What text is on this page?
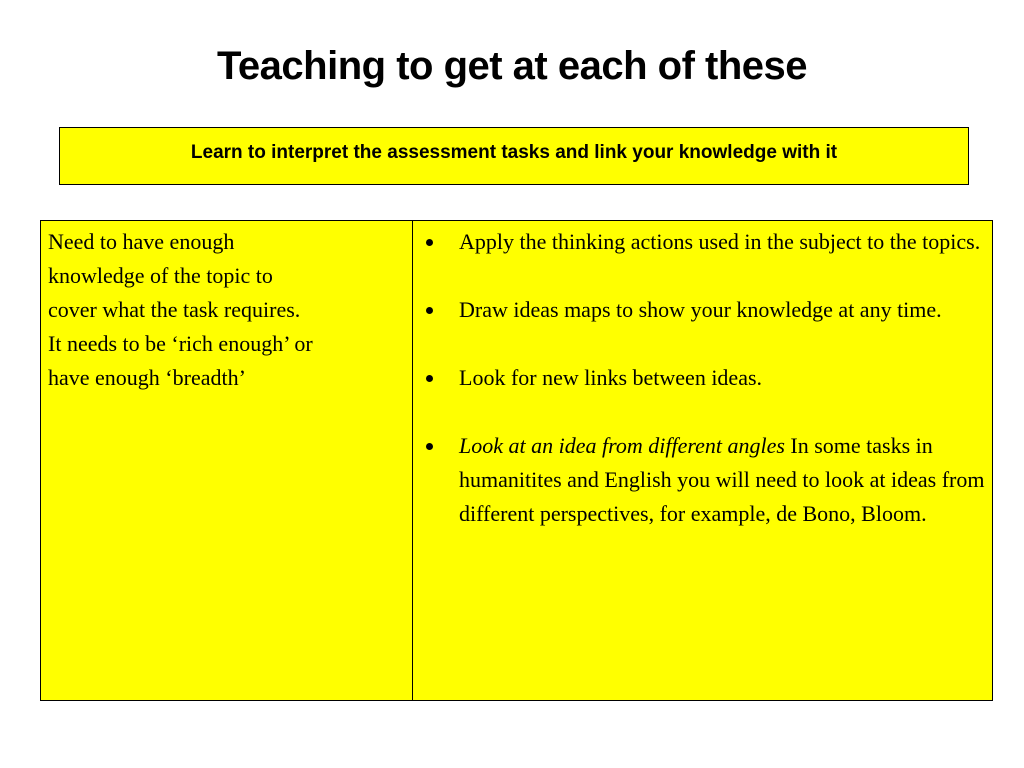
Teaching to get at each of these
Learn to interpret the assessment tasks and link your knowledge with it
Need to have enough
knowledge of the topic to
cover what the task requires.
It needs to be ‘rich enough’ or
have enough ‘breadth’

Apply the thinking actions used in the subject to the topics.
Draw ideas maps to show your knowledge at any time.
Look for new links between ideas.
Look at an idea from different angles In some tasks in humanitites and English you will need to look at ideas from different perspectives, for example, de Bono, Bloom.
